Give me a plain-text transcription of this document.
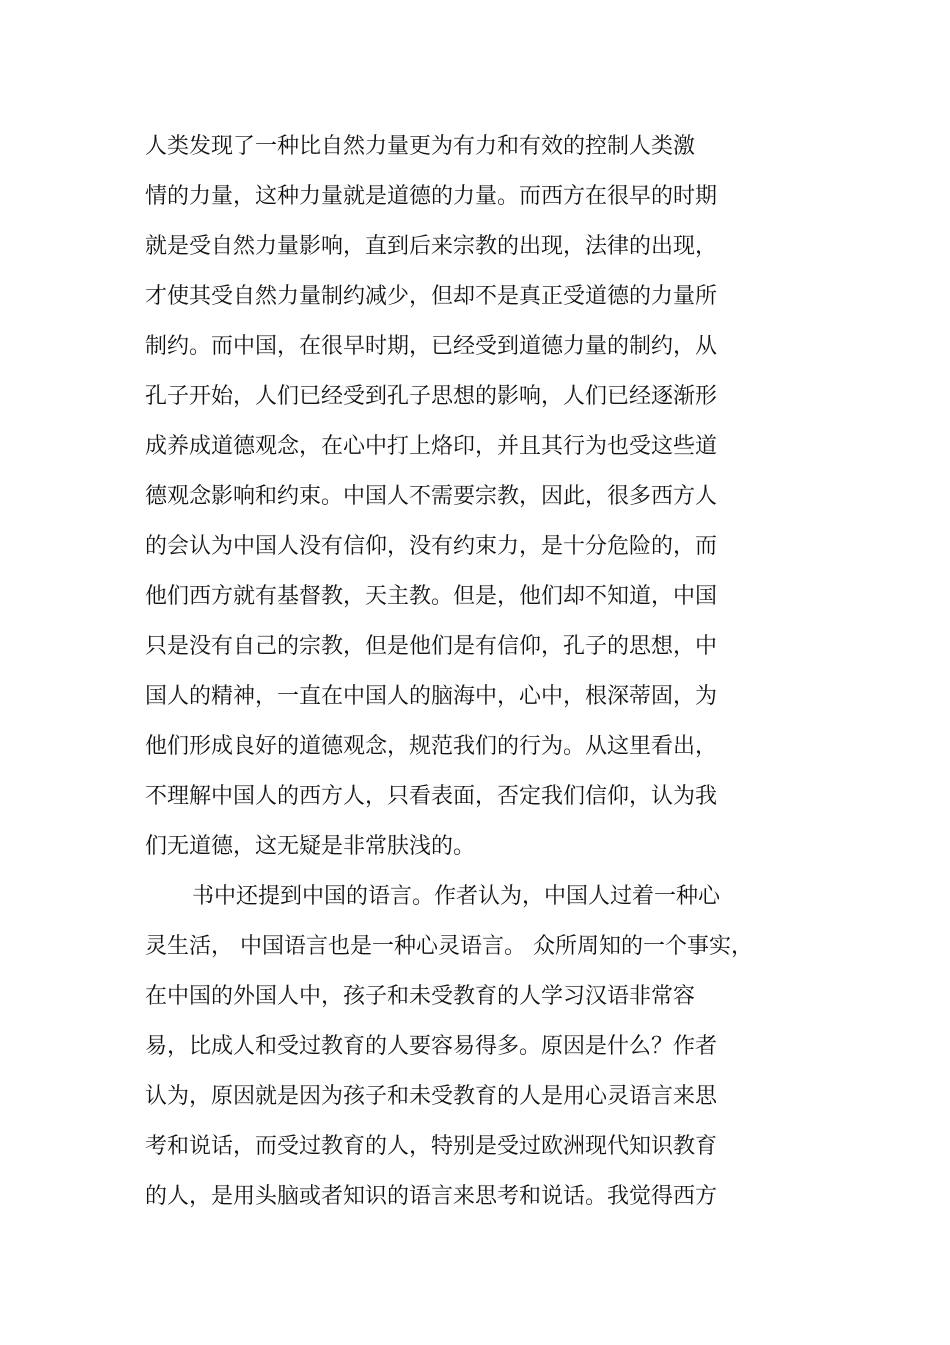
人类发现了一种比自然力量更为有力和有效的控制人类激
情的力量，这种力量就是道德的力量。而西方在很早的时期
就是受自然力量影响，直到后来宗教的出现，法律的出现，
才使其受自然力量制约减少，但却不是真正受道德的力量所
制约。而中国，在很早时期，已经受到道德力量的制约，从
孔子开始，人们已经受到孔子思想的影响，人们已经逐渐形
成养成道德观念，在心中打上烙印，并且其行为也受这些道
德观念影响和约束。中国人不需要宗教，因此，很多西方人
的会认为中国人没有信仰，没有约束力，是十分危险的，而
他们西方就有基督教，天主教。但是，他们却不知道，中国
只是没有自己的宗教，但是他们是有信仰，孔子的思想，中
国人的精神，一直在中国人的脑海中，心中，根深蒂固，为
他们形成良好的道德观念，规范我们的行为。从这里看出，
不理解中国人的西方人，只看表面，否定我们信仰，认为我
们无道德，这无疑是非常肤浅的。
书中还提到中国的语言。作者认为，中国人过着一种心
灵生活， 中国语言也是一种心灵语言。 众所周知的一个事实，
在中国的外国人中，孩子和未受教育的人学习汉语非常容
易，比成人和受过教育的人要容易得多。原因是什么？作者
认为，原因就是因为孩子和未受教育的人是用心灵语言来思
考和说话，而受过教育的人，特别是受过欧洲现代知识教育
的人，是用头脑或者知识的语言来思考和说话。我觉得西方
